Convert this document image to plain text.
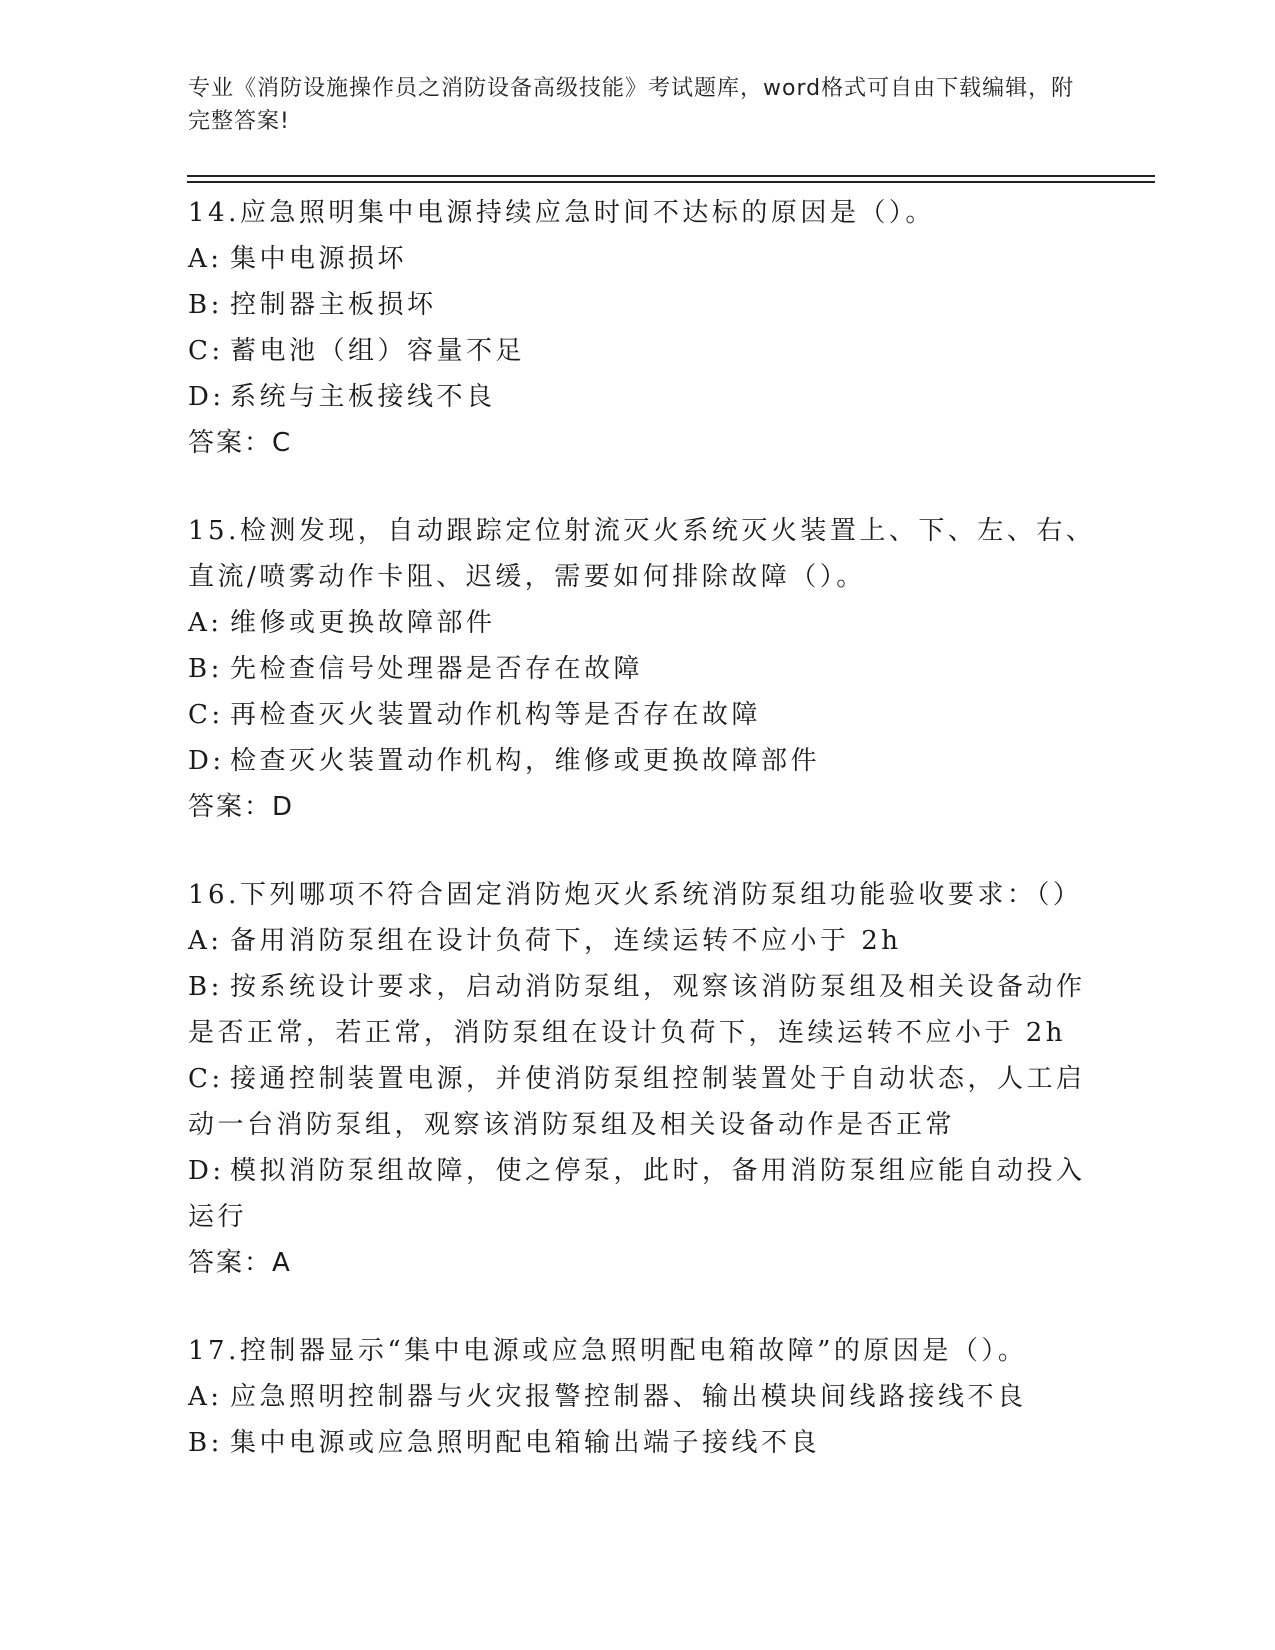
专业《消防设施操作员之消防设备高级技能》考试题库，word格式可自由下载编辑，附完整答案!
14.应急照明集中电源持续应急时间不达标的原因是（）。
A: 集中电源损坏
B: 控制器主板损坏
C: 蓄电池（组）容量不足
D: 系统与主板接线不良
答案：C
15.检测发现，自动跟踪定位射流灭火系统灭火装置上、下、左、右、
直流/喷雾动作卡阻、迟缓，需要如何排除故障（）。
A: 维修或更换故障部件
B: 先检查信号处理器是否存在故障
C: 再检查灭火装置动作机构等是否存在故障
D: 检查灭火装置动作机构，维修或更换故障部件
答案：D
16.下列哪项不符合固定消防炮灭火系统消防泵组功能验收要求：（）
A: 备用消防泵组在设计负荷下，连续运转不应小于 2h
B: 按系统设计要求，启动消防泵组，观察该消防泵组及相关设备动作
是否正常，若正常，消防泵组在设计负荷下，连续运转不应小于 2h
C: 接通控制装置电源，并使消防泵组控制装置处于自动状态，人工启
动一台消防泵组，观察该消防泵组及相关设备动作是否正常
D: 模拟消防泵组故障，使之停泵，此时，备用消防泵组应能自动投入
运行
答案：A
17.控制器显示“集中电源或应急照明配电箱故障”的原因是（）。
A: 应急照明控制器与火灾报警控制器、输出模块间线路接线不良
B: 集中电源或应急照明配电箱输出端子接线不良
